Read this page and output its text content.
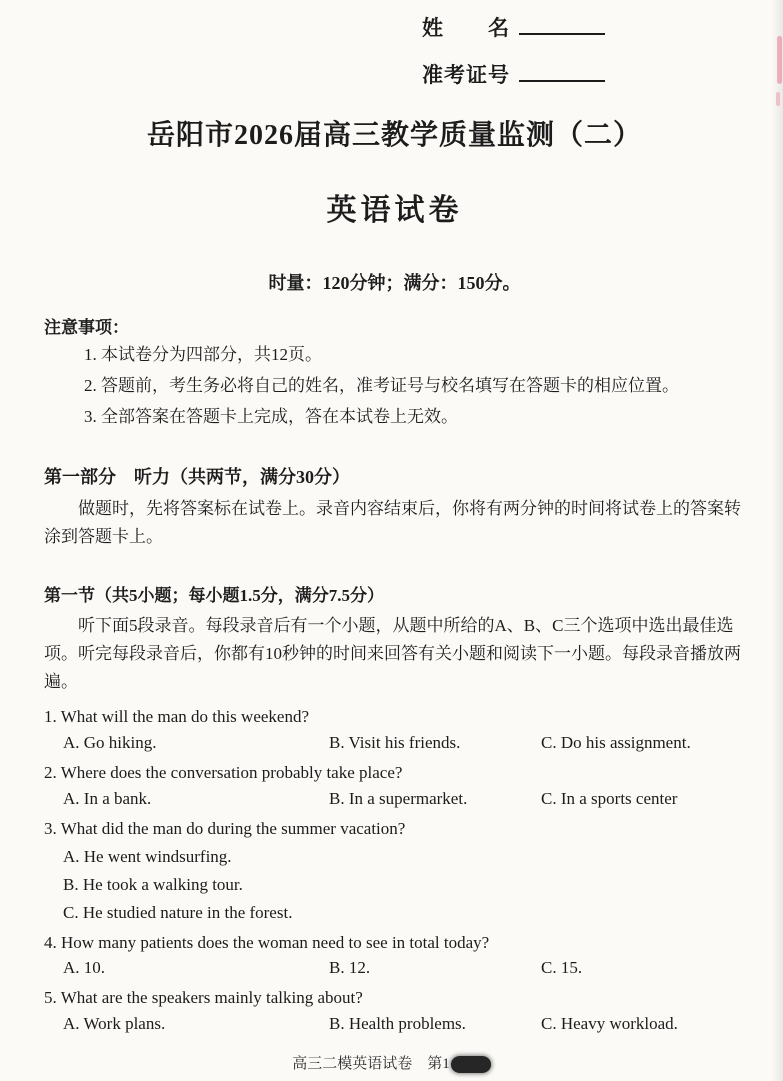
姓　　名
准考证号
岳阳市2026届高三教学质量监测（二）
英语试卷

时量：120分钟；满分：150分。

注意事项：

1. 本试卷分为四部分，共12页。

2. 答题前，考生务必将自己的姓名，准考证号与校名填写在答题卡的相应位置。

3. 全部答案在答题卡上完成，答在本试卷上无效。

第一部分　听力（共两节，满分30分）

做题时，先将答案标在试卷上。录音内容结束后，你将有两分钟的时间将试卷上的答案转涂到答题卡上。

第一节（共5小题；每小题1.5分，满分7.5分）

听下面5段录音。每段录音后有一个小题，从题中所给的A、B、C三个选项中选出最佳选项。听完每段录音后，你都有10秒钟的时间来回答有关小题和阅读下一小题。每段录音播放两遍。

1. What will the man do this weekend?

A. Go hiking.	B. Visit his friends.	C. Do his assignment.

2. Where does the conversation probably take place?

A. In a bank.	B. In a supermarket.	C. In a sports center

3. What did the man do during the summer vacation?

A. He went windsurfing.
B. He took a walking tour.
C. He studied nature in the forest.

4. How many patients does the woman need to see in total today?

A. 10.	B. 12.	C. 15.

5. What are the speakers mainly talking about?

A. Work plans.	B. Health problems.	C. Heavy workload.
高三二模英语试卷　第1
